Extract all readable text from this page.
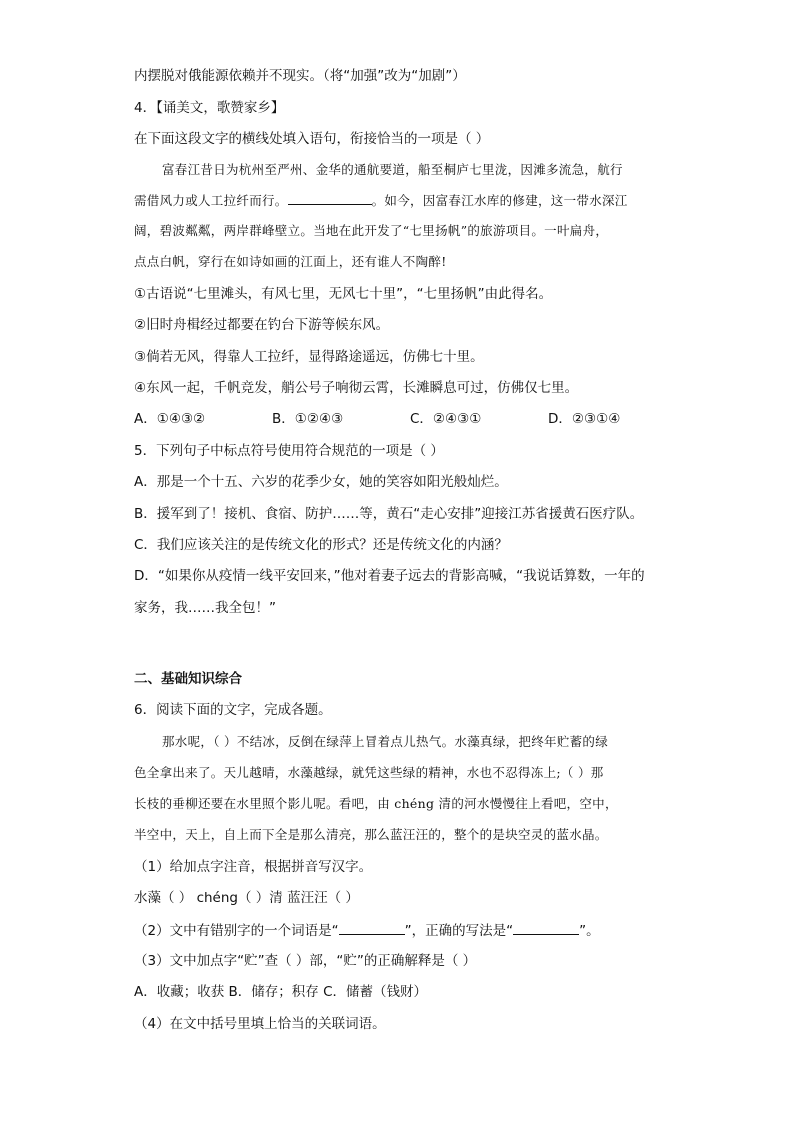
内摆脱对俄能源依赖并不现实。（将“加强”改为“加剧”）
4．【诵美文，歌赞家乡】
在下面这段文字的横线处填入语句，衔接恰当的一项是（ ）
富春江昔日为杭州至严州、金华的通航要道，船至桐庐七里泷，因滩多流急，航行
需借风力或人工拉纤而行。	。如今，因富春江水库的修建，这一带水深江
阔，碧波粼粼，两岸群峰壁立。当地在此开发了“七里扬帆”的旅游项目。一叶扁舟，
点点白帆，穿行在如诗如画的江面上，还有谁人不陶醉!
①古语说“七里滩头，有风七里，无风七十里”，“七里扬帆”由此得名。
②旧时舟楫经过都要在钓台下游等候东风。
③倘若无风，得靠人工拉纤，显得路途遥远，仿佛七十里。
④东风一起，千帆竞发，艄公号子响彻云霄，长滩瞬息可过，仿佛仅七里。
A．①④③②	B．①②④③	C．②④③①	D．②③①④
5．下列句子中标点符号使用符合规范的一项是（ ）
A．那是一个十五、六岁的花季少女，她的笑容如阳光般灿烂。
B．援军到了！接机、食宿、防护……等，黄石“走心安排”迎接江苏省援黄石医疗队。
C．我们应该关注的是传统文化的形式？还是传统文化的内涵？
D．“如果你从疫情一线平安回来，”他对着妻子远去的背影高喊，“我说话算数，一年的
家务，我……我全包！”
二、基础知识综合
6．阅读下面的文字，完成各题。
那水呢，（ ）不结冰，反倒在绿萍上冒着点儿热气。水藻真绿，把终年贮蓄的绿
色全拿出来了。天儿越晴，水藻越绿，就凭这些绿的精神，水也不忍得冻上;（ ）那
长枝的垂柳还要在水里照个影儿呢。看吧，由 chéng 清的河水慢慢往上看吧，空中，
半空中，天上，自上而下全是那么清亮，那么蓝汪汪的，整个的是块空灵的蓝水晶。
（1）给加点字注音，根据拼音写汉字。
水藻（ ） chéng（ ）清 蓝汪汪（ ）
（2）文中有错别字的一个词语是“	”，正确的写法是“	”。
（3）文中加点字“贮”查（ ）部，“贮”的正确解释是（ ）
A．收藏；收获 B．储存；积存 C．储蓄（钱财）
（4）在文中括号里填上恰当的关联词语。
